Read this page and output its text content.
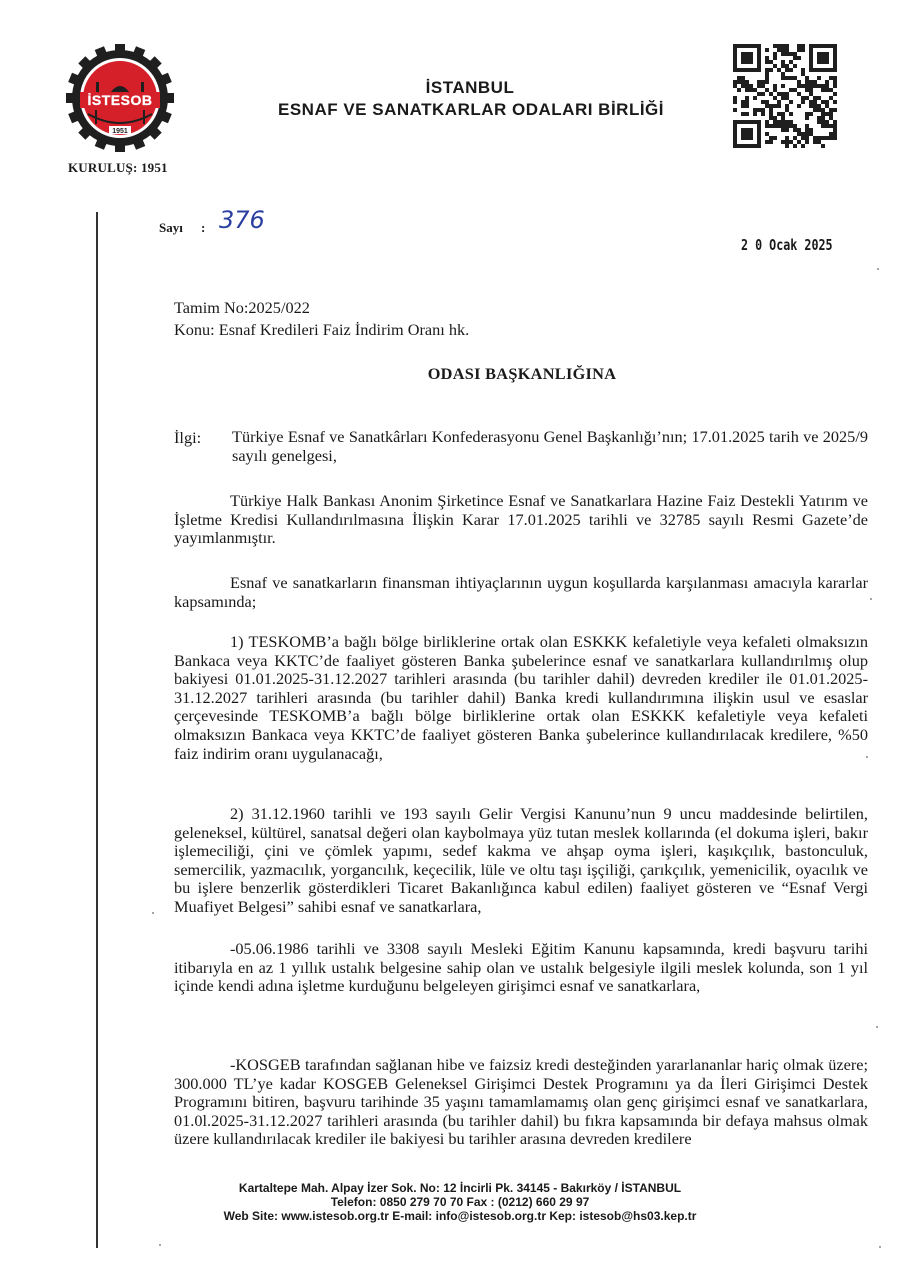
İSTESOB
1951
KURULUŞ: 1951
İSTANBUL
ESNAF VE SANATKARLAR ODALARI BİRLİĞİ
Sayı : 376
2 0 Ocak 2025

Tamim No:2025/022

Konu: Esnaf Kredileri Faiz İndirim Oranı hk.

ODASI BAŞKANLIĞINA
İlgi: Türkiye Esnaf ve Sanatkârları Konfederasyonu Genel Başkanlığı’nın; 17.01.2025 tarih ve 2025/9 sayılı genelgesi,

Türkiye Halk Bankası Anonim Şirketince Esnaf ve Sanatkarlara Hazine Faiz Destekli Yatırım ve İşletme Kredisi Kullandırılmasına İlişkin Karar 17.01.2025 tarihli ve 32785 sayılı Resmi Gazete’de yayımlanmıştır.

Esnaf ve sanatkarların finansman ihtiyaçlarının uygun koşullarda karşılanması amacıyla kararlar kapsamında;

1) TESKOMB’a bağlı bölge birliklerine ortak olan ESKKK kefaletiyle veya kefaleti olmaksızın Bankaca veya KKTC’de faaliyet gösteren Banka şubelerince esnaf ve sanatkarlara kullandırılmış olup bakiyesi 01.01.2025-31.12.2027 tarihleri arasında (bu tarihler dahil) devreden krediler ile 01.01.2025-31.12.2027 tarihleri arasında (bu tarihler dahil) Banka kredi kullandırımına ilişkin usul ve esaslar çerçevesinde TESKOMB’a bağlı bölge birliklerine ortak olan ESKKK kefaletiyle veya kefaleti olmaksızın Bankaca veya KKTC’de faaliyet gösteren Banka şubelerince kullandırılacak kredilere, %50 faiz indirim oranı uygulanacağı,

2) 31.12.1960 tarihli ve 193 sayılı Gelir Vergisi Kanunu’nun 9 uncu maddesinde belirtilen, geleneksel, kültürel, sanatsal değeri olan kaybolmaya yüz tutan meslek kollarında (el dokuma işleri, bakır işlemeciliği, çini ve çömlek yapımı, sedef kakma ve ahşap oyma işleri, kaşıkçılık, bastonculuk, semercilik, yazmacılık, yorgancılık, keçecilik, lüle ve oltu taşı işçiliği, çarıkçılık, yemenicilik, oyacılık ve bu işlere benzerlik gösterdikleri Ticaret Bakanlığınca kabul edilen) faaliyet gösteren ve “Esnaf Vergi Muafiyet Belgesi” sahibi esnaf ve sanatkarlara,

-05.06.1986 tarihli ve 3308 sayılı Mesleki Eğitim Kanunu kapsamında, kredi başvuru tarihi itibarıyla en az 1 yıllık ustalık belgesine sahip olan ve ustalık belgesiyle ilgili meslek kolunda, son 1 yıl içinde kendi adına işletme kurduğunu belgeleyen girişimci esnaf ve sanatkarlara,

-KOSGEB tarafından sağlanan hibe ve faizsiz kredi desteğinden yararlananlar hariç olmak üzere; 300.000 TL’ye kadar KOSGEB Geleneksel Girişimci Destek Programını ya da İleri Girişimci Destek Programını bitiren, başvuru tarihinde 35 yaşını tamamlamamış olan genç girişimci esnaf ve sanatkarlara, 01.0l.2025-31.12.2027 tarihleri arasında (bu tarihler dahil) bu fıkra kapsamında bir defaya mahsus olmak üzere kullandırılacak krediler ile bakiyesi bu tarihler arasına devreden kredilere

Kartaltepe Mah. Alpay İzer Sok. No: 12 İncirli Pk. 34145 - Bakırköy / İSTANBUL
Telefon: 0850 279 70 70 Fax : (0212) 660 29 97
Web Site: www.istesob.org.tr E-mail: info@istesob.org.tr Kep: istesob@hs03.kep.tr
